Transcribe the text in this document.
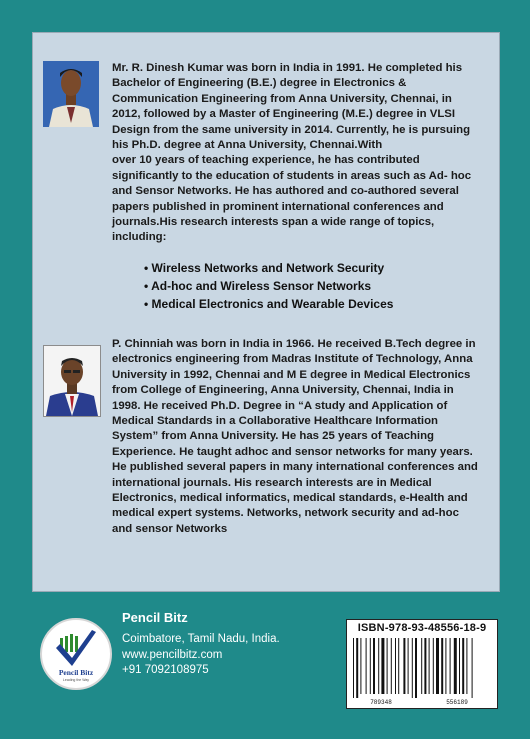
Mr. R. Dinesh Kumar was born in India in 1991. He completed his
Bachelor of Engineering (B.E.) degree in Electronics &
Communication Engineering from Anna University, Chennai, in
2012, followed by a Master of Engineering (M.E.) degree in VLSI
Design from the same university in 2014. Currently, he is pursuing
his Ph.D. degree at Anna University, Chennai.With
over 10 years of teaching experience, he has contributed
significantly to the education of students in areas such as Ad- hoc
and Sensor Networks. He has authored and co-authored several
papers published in prominent international conferences and
journals.His research interests span a wide range of topics,
including:

• Wireless Networks and Network Security
• Ad-hoc and Wireless Sensor Networks
• Medical Electronics and Wearable Devices

P. Chinniah was born in India in 1966. He received B.Tech degree in
electronics engineering from Madras Institute of Technology, Anna
University in 1992, Chennai and M E degree in Medical Electronics
from College of Engineering, Anna University, Chennai, India in
1998. He received Ph.D. Degree in “A study and Application of
Medical Standards in a Collaborative Healthcare Information
System” from Anna University. He has 25 years of Teaching
Experience. He taught adhoc and sensor networks for many years.
He published several papers in many international conferences and
international journals. His research interests are in Medical
Electronics, medical informatics, medical standards, e-Health and
medical expert systems. Networks, network security and ad-hoc
and sensor Networks

Pencil Bitz
Leading the Way
Pencil Bitz
Coimbatore, Tamil Nadu, India.
www.pencilbitz.com
+91 7092108975
ISBN-978-93-48556-18-9
789348	556189
